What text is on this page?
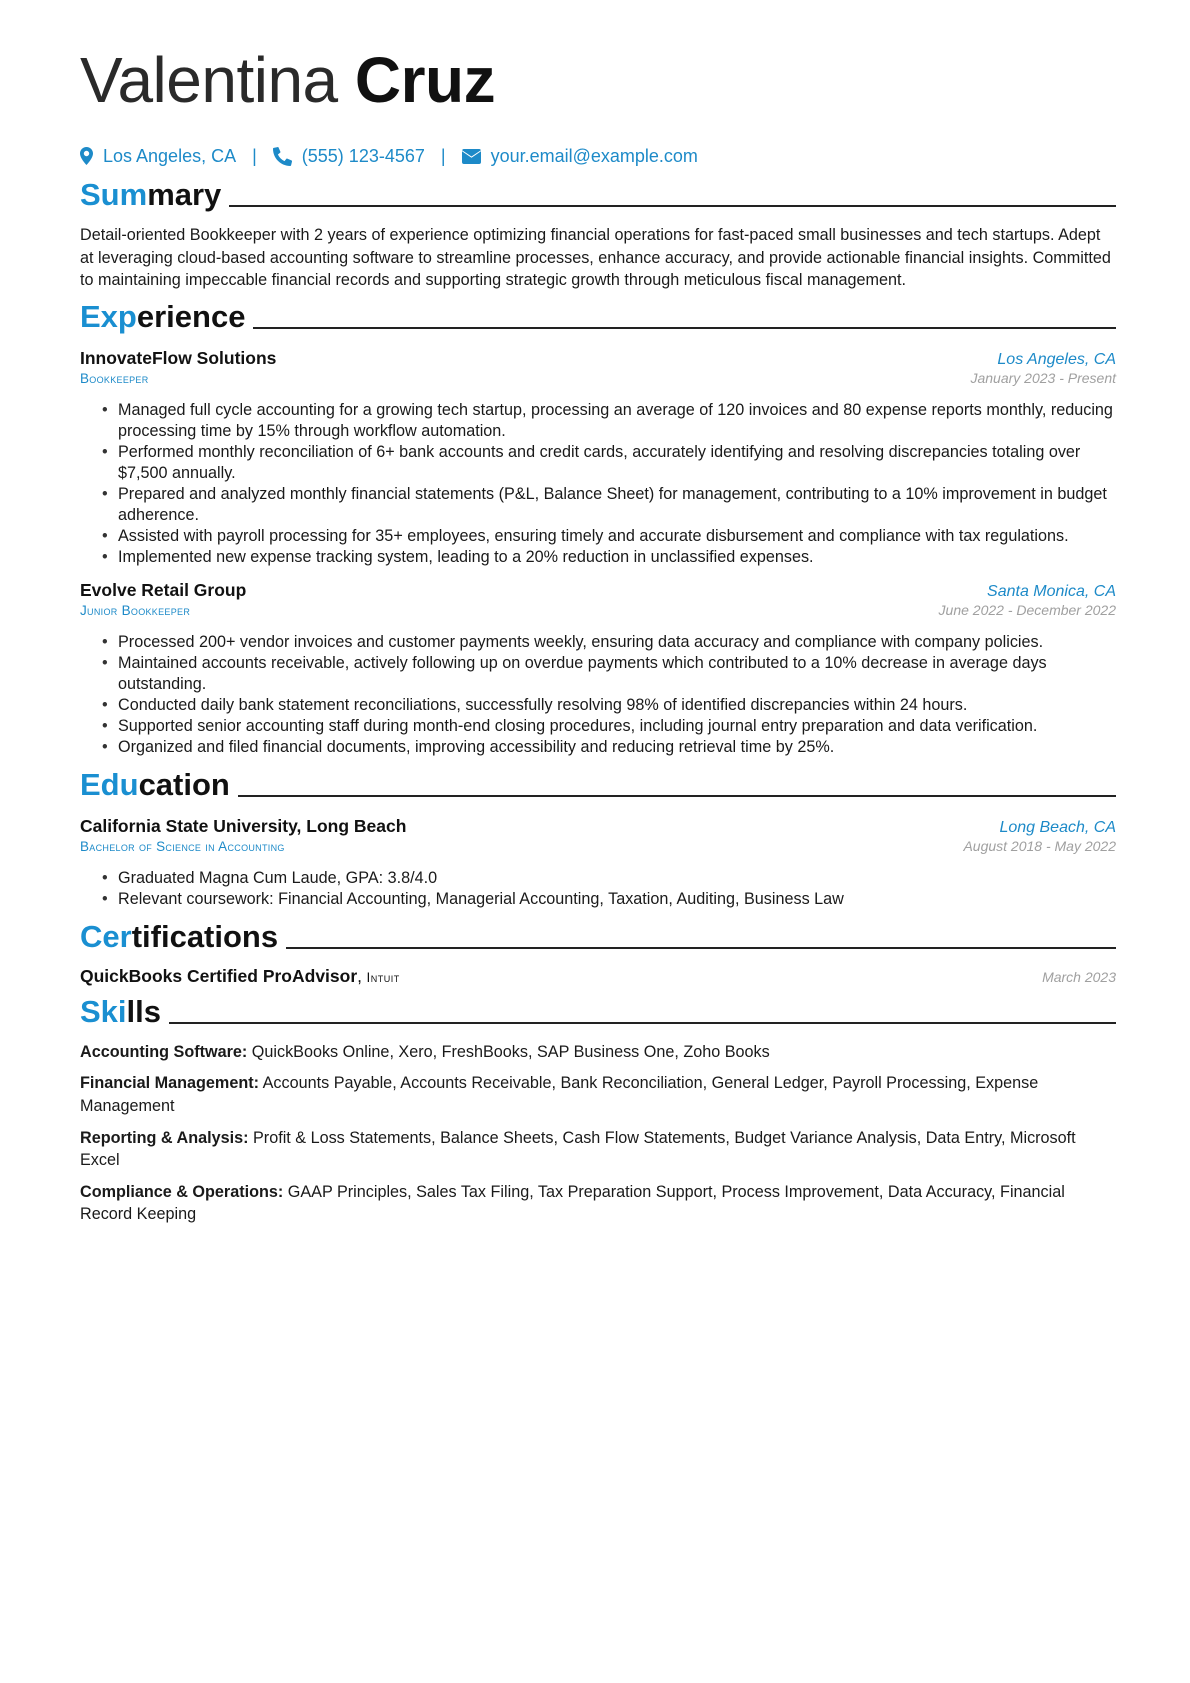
Valentina Cruz
Los Angeles, CA |	(555) 123-4567 |	your.email@example.com
Summary
Detail-oriented Bookkeeper with 2 years of experience optimizing financial operations for fast-paced small businesses and tech startups. Adept at leveraging cloud-based accounting software to streamline processes, enhance accuracy, and provide actionable financial insights. Committed to maintaining impeccable financial records and supporting strategic growth through meticulous fiscal management.
Experience
InnovateFlow Solutions	Los Angeles, CA
Bookkeeper	January 2023 - Present
• Managed full cycle accounting for a growing tech startup, processing an average of 120 invoices and 80 expense reports monthly, reducing processing time by 15% through workflow automation.
• Performed monthly reconciliation of 6+ bank accounts and credit cards, accurately identifying and resolving discrepancies totaling over $7,500 annually.
• Prepared and analyzed monthly financial statements (P&L, Balance Sheet) for management, contributing to a 10% improvement in budget adherence.
• Assisted with payroll processing for 35+ employees, ensuring timely and accurate disbursement and compliance with tax regulations.
• Implemented new expense tracking system, leading to a 20% reduction in unclassified expenses.
Evolve Retail Group	Santa Monica, CA
Junior Bookkeeper	June 2022 - December 2022
• Processed 200+ vendor invoices and customer payments weekly, ensuring data accuracy and compliance with company policies.
• Maintained accounts receivable, actively following up on overdue payments which contributed to a 10% decrease in average days outstanding.
• Conducted daily bank statement reconciliations, successfully resolving 98% of identified discrepancies within 24 hours.
• Supported senior accounting staff during month-end closing procedures, including journal entry preparation and data verification.
• Organized and filed financial documents, improving accessibility and reducing retrieval time by 25%.
Education
California State University, Long Beach	Long Beach, CA
Bachelor of Science in Accounting	August 2018 - May 2022
• Graduated Magna Cum Laude, GPA: 3.8/4.0
• Relevant coursework: Financial Accounting, Managerial Accounting, Taxation, Auditing, Business Law
Certifications
QuickBooks Certified ProAdvisor, Intuit	March 2023
Skills
Accounting Software: QuickBooks Online, Xero, FreshBooks, SAP Business One, Zoho Books
Financial Management: Accounts Payable, Accounts Receivable, Bank Reconciliation, General Ledger, Payroll Processing, Expense Management
Reporting & Analysis: Profit & Loss Statements, Balance Sheets, Cash Flow Statements, Budget Variance Analysis, Data Entry, Microsoft Excel
Compliance & Operations: GAAP Principles, Sales Tax Filing, Tax Preparation Support, Process Improvement, Data Accuracy, Financial Record Keeping
